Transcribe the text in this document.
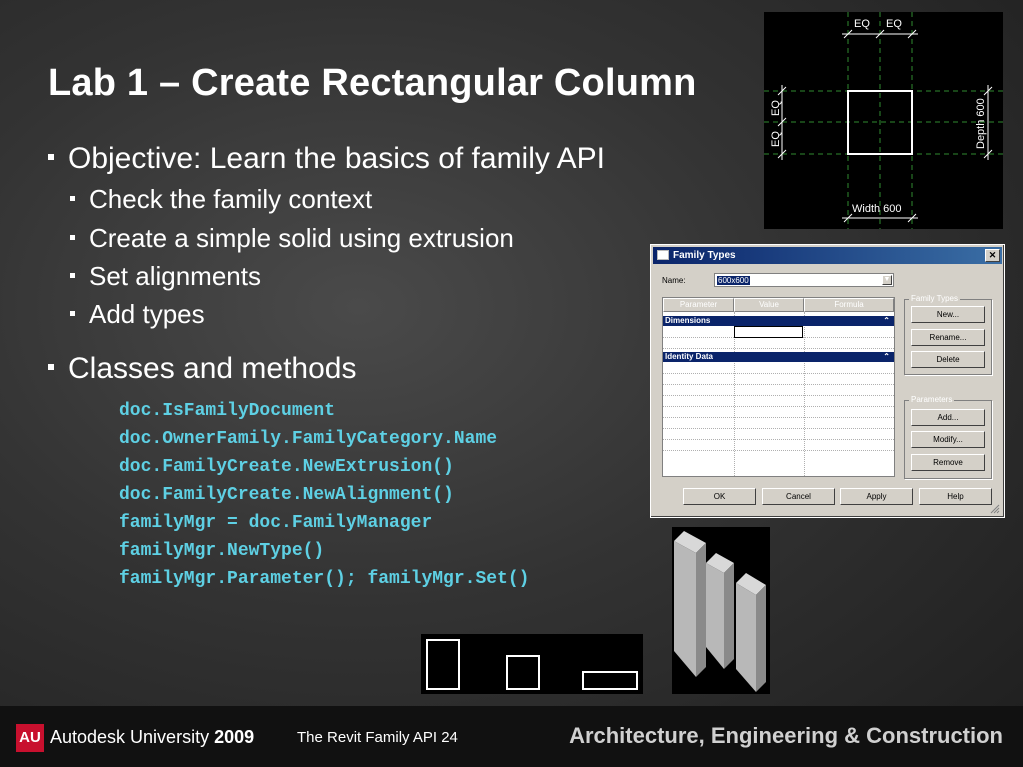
Lab 1 – Create Rectangular Column
Objective: Learn the basics of family API
Check the family context
Create a simple solid using extrusion
Set alignments
Add types
Classes and methods
doc.IsFamilyDocument
doc.OwnerFamily.FamilyCategory.Name
doc.FamilyCreate.NewExtrusion()
doc.FamilyCreate.NewAlignment()
familyMgr = doc.FamilyManager
familyMgr.NewType()
familyMgr.Parameter(); familyMgr.Set()
EQ EQ
EQ
EQ	Depth 600
Width 600
Family Types	✕
Name:	600x600	▼
Parameter	Value	Formula
Dimensions	⌃
Depth	600.0	=
Width	600.0	=
Identity Data	⌃
Keynote	=
Model	=
Manufacturer	=
Type Comments	=
URL	=
Description	=
Assembly Code	=
Cost	=
Family Types
New...
Rename...
Delete
Parameters
Add...
Modify...
Remove
OK	Cancel	Apply	Help
AU Autodesk University 2009	The Revit Family API 24	Architecture, Engineering & Construction
